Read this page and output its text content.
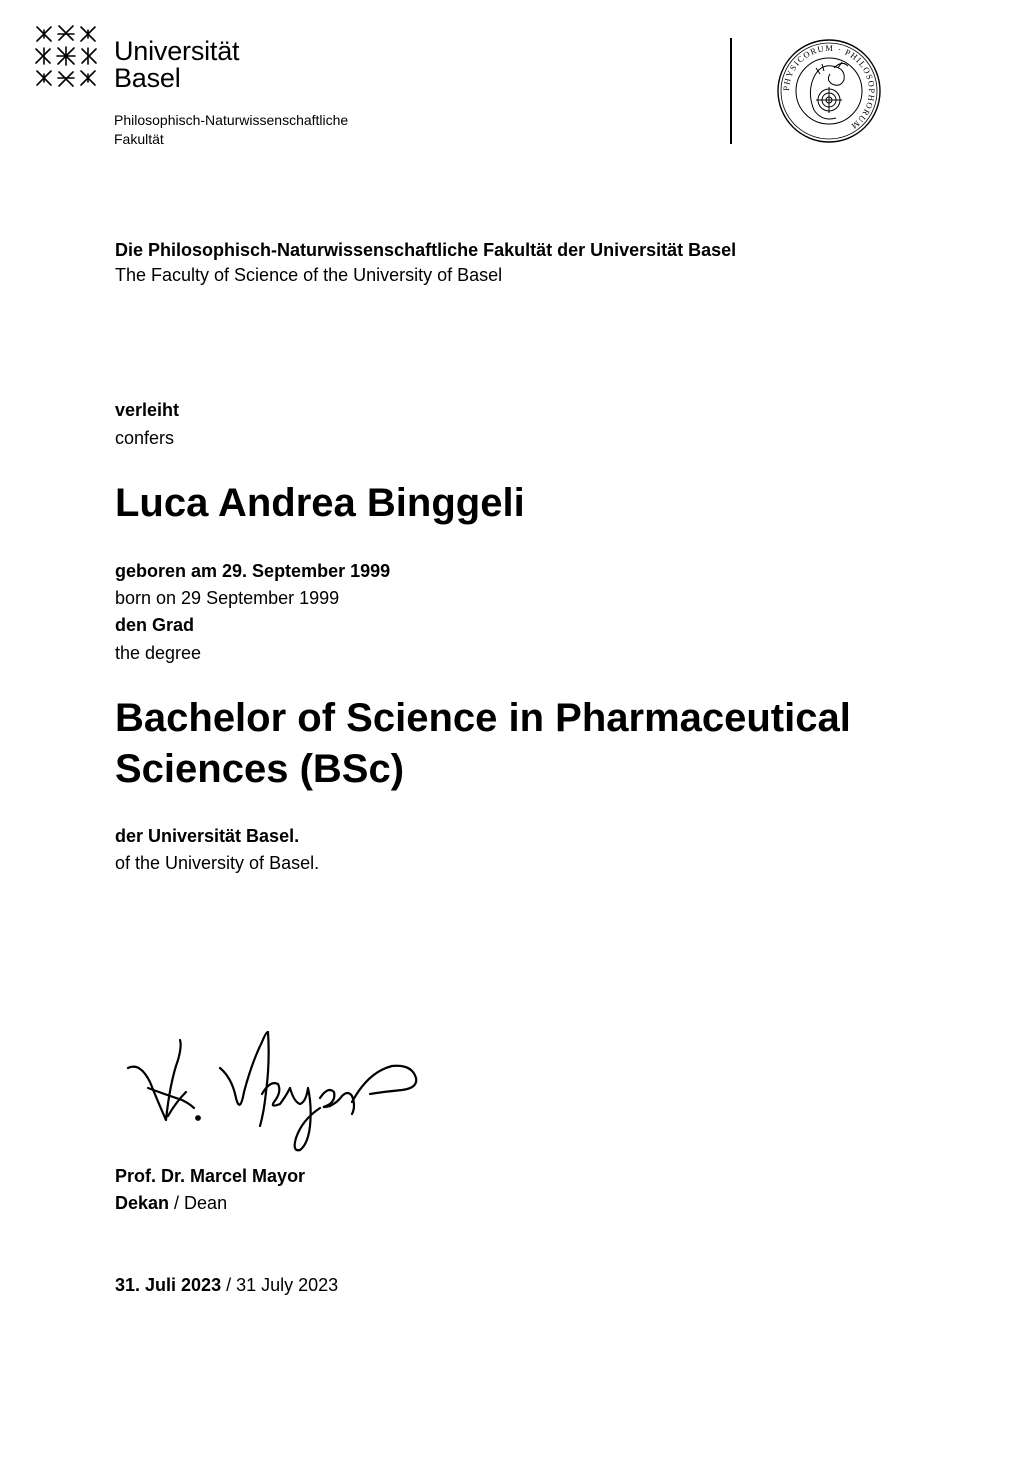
Universität
Basel
Philosophisch-Naturwissenschaftliche
Fakultät
PHYSICORUM · PHILOSOPHORUM
Die Philosophisch-Naturwissenschaftliche Fakultät der Universität Basel
The Faculty of Science of the University of Basel
verleiht
confers
Luca Andrea Binggeli
geboren am 29. September 1999
born on 29 September 1999
den Grad
the degree
Bachelor of Science in Pharmaceutical
Sciences (BSc)
der Universität Basel.
of the University of Basel.
Prof. Dr. Marcel Mayor
Dekan / Dean
31. Juli 2023 / 31 July 2023
